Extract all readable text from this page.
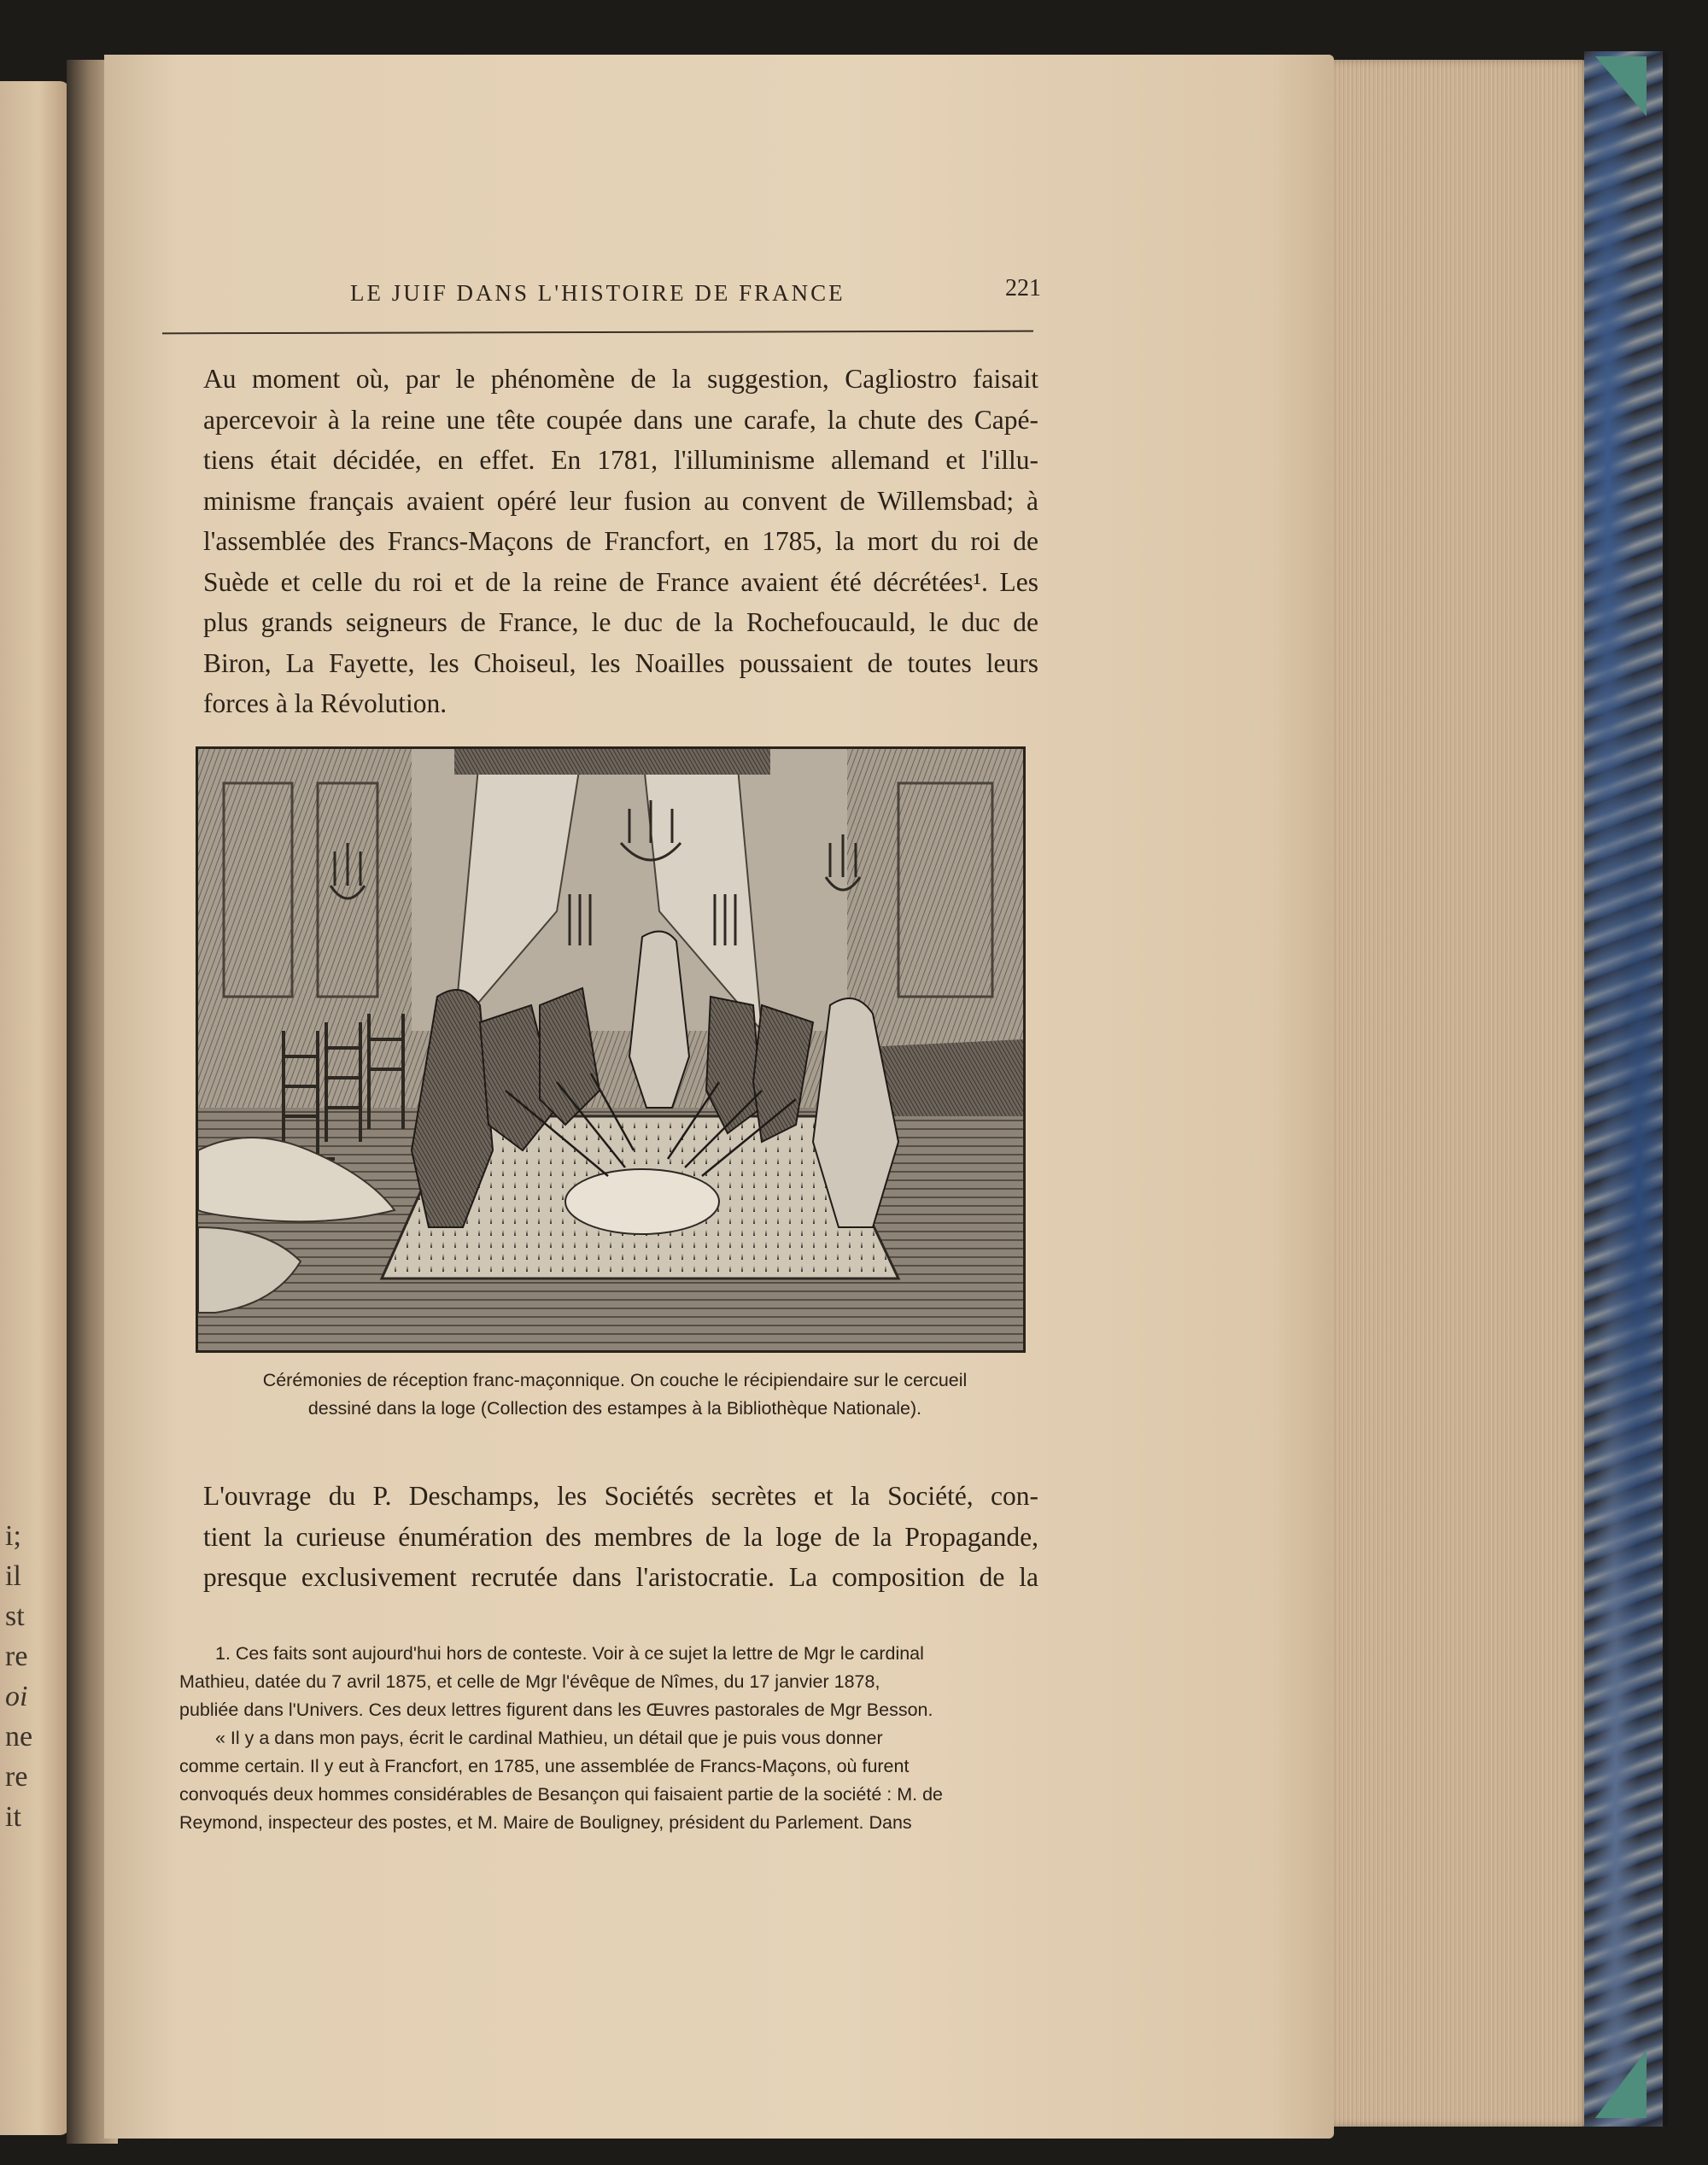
i;
il
st
re
oi
ne
re
it
LE JUIF DANS L'HISTOIRE DE FRANCE	221
Au moment où, par le phénomène de la suggestion, Cagliostro faisait
apercevoir à la reine une tête coupée dans une carafe, la chute des Capé-
tiens était décidée, en effet. En 1781, l'illuminisme allemand et l'illu-
minisme français avaient opéré leur fusion au convent de Willemsbad; à
l'assemblée des Francs-Maçons de Francfort, en 1785, la mort du roi de
Suède et celle du roi et de la reine de France avaient été décrétées¹. Les
plus grands seigneurs de France, le duc de la Rochefoucauld, le duc de
Biron, La Fayette, les Choiseul, les Noailles poussaient de toutes leurs
forces à la Révolution.
Cérémonies de réception franc-maçonnique. On couche le récipiendaire sur le cercueil
dessiné dans la loge (Collection des estampes à la Bibliothèque Nationale).
L'ouvrage du P. Deschamps, les Sociétés secrètes et la Société, con-
tient la curieuse énumération des membres de la loge de la Propagande,
presque exclusivement recrutée dans l'aristocratie. La composition de la
1. Ces faits sont aujourd'hui hors de conteste. Voir à ce sujet la lettre de Mgr le cardinal
Mathieu, datée du 7 avril 1875, et celle de Mgr l'évêque de Nîmes, du 17 janvier 1878,
publiée dans l'Univers. Ces deux lettres figurent dans les Œuvres pastorales de Mgr Besson.
« Il y a dans mon pays, écrit le cardinal Mathieu, un détail que je puis vous donner
comme certain. Il y eut à Francfort, en 1785, une assemblée de Francs-Maçons, où furent
convoqués deux hommes considérables de Besançon qui faisaient partie de la société : M. de
Reymond, inspecteur des postes, et M. Maire de Bouligney, président du Parlement. Dans
